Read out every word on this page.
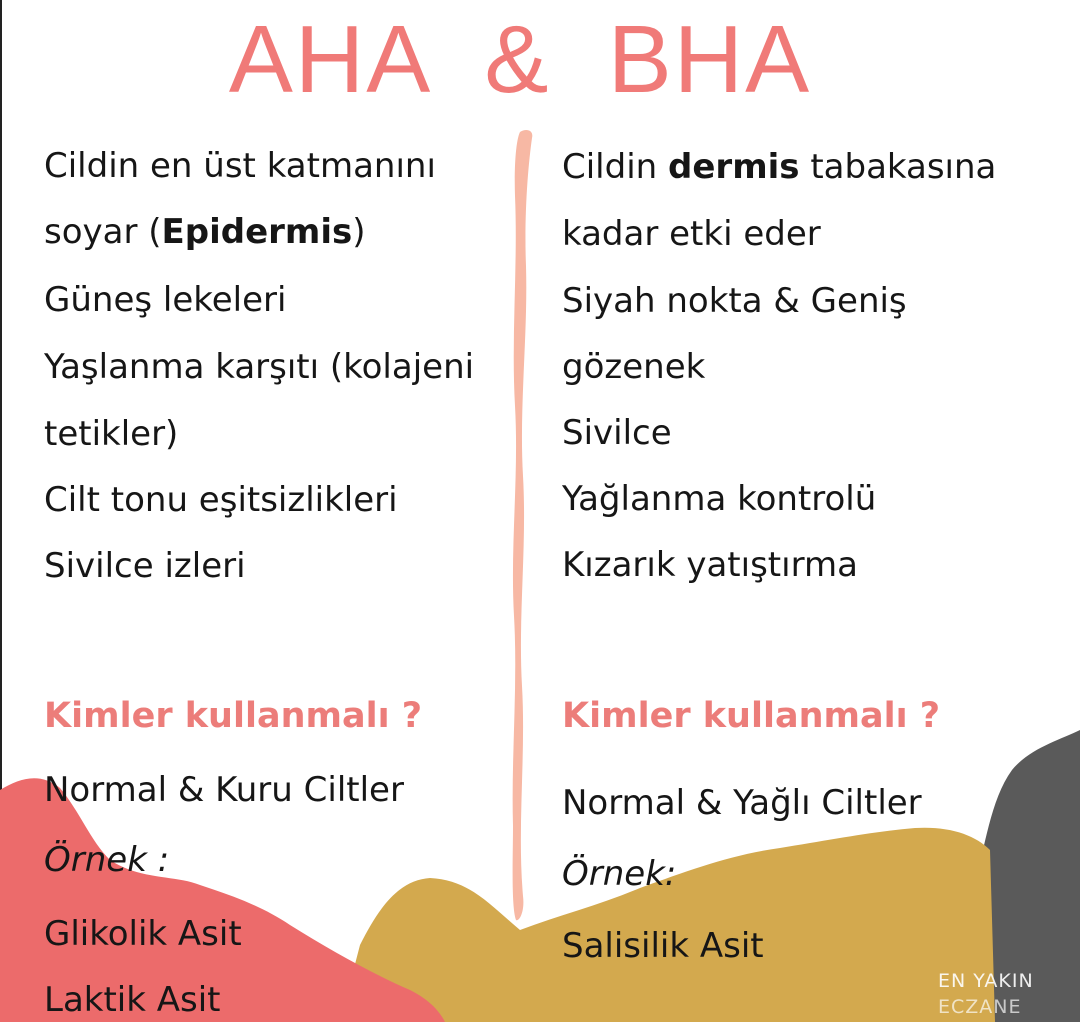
AHA  &  BHA
Cildin en üst katmanını
soyar (Epidermis)
Güneş lekeleri
Yaşlanma karşıtı (kolajeni
tetikler)
Cilt tonu eşitsizlikleri
Sivilce izleri
Kimler kullanmalı ?
Normal & Kuru Ciltler
Örnek :
Glikolik Asit
Laktik Asit
Cildin dermis tabakasına
kadar etki eder
Siyah nokta & Geniş
gözenek
Sivilce
Yağlanma kontrolü
Kızarık yatıştırma
Kimler kullanmalı ?
Normal & Yağlı Ciltler
Örnek:
Salisilik Asit
EN YAKIN
ECZANE
